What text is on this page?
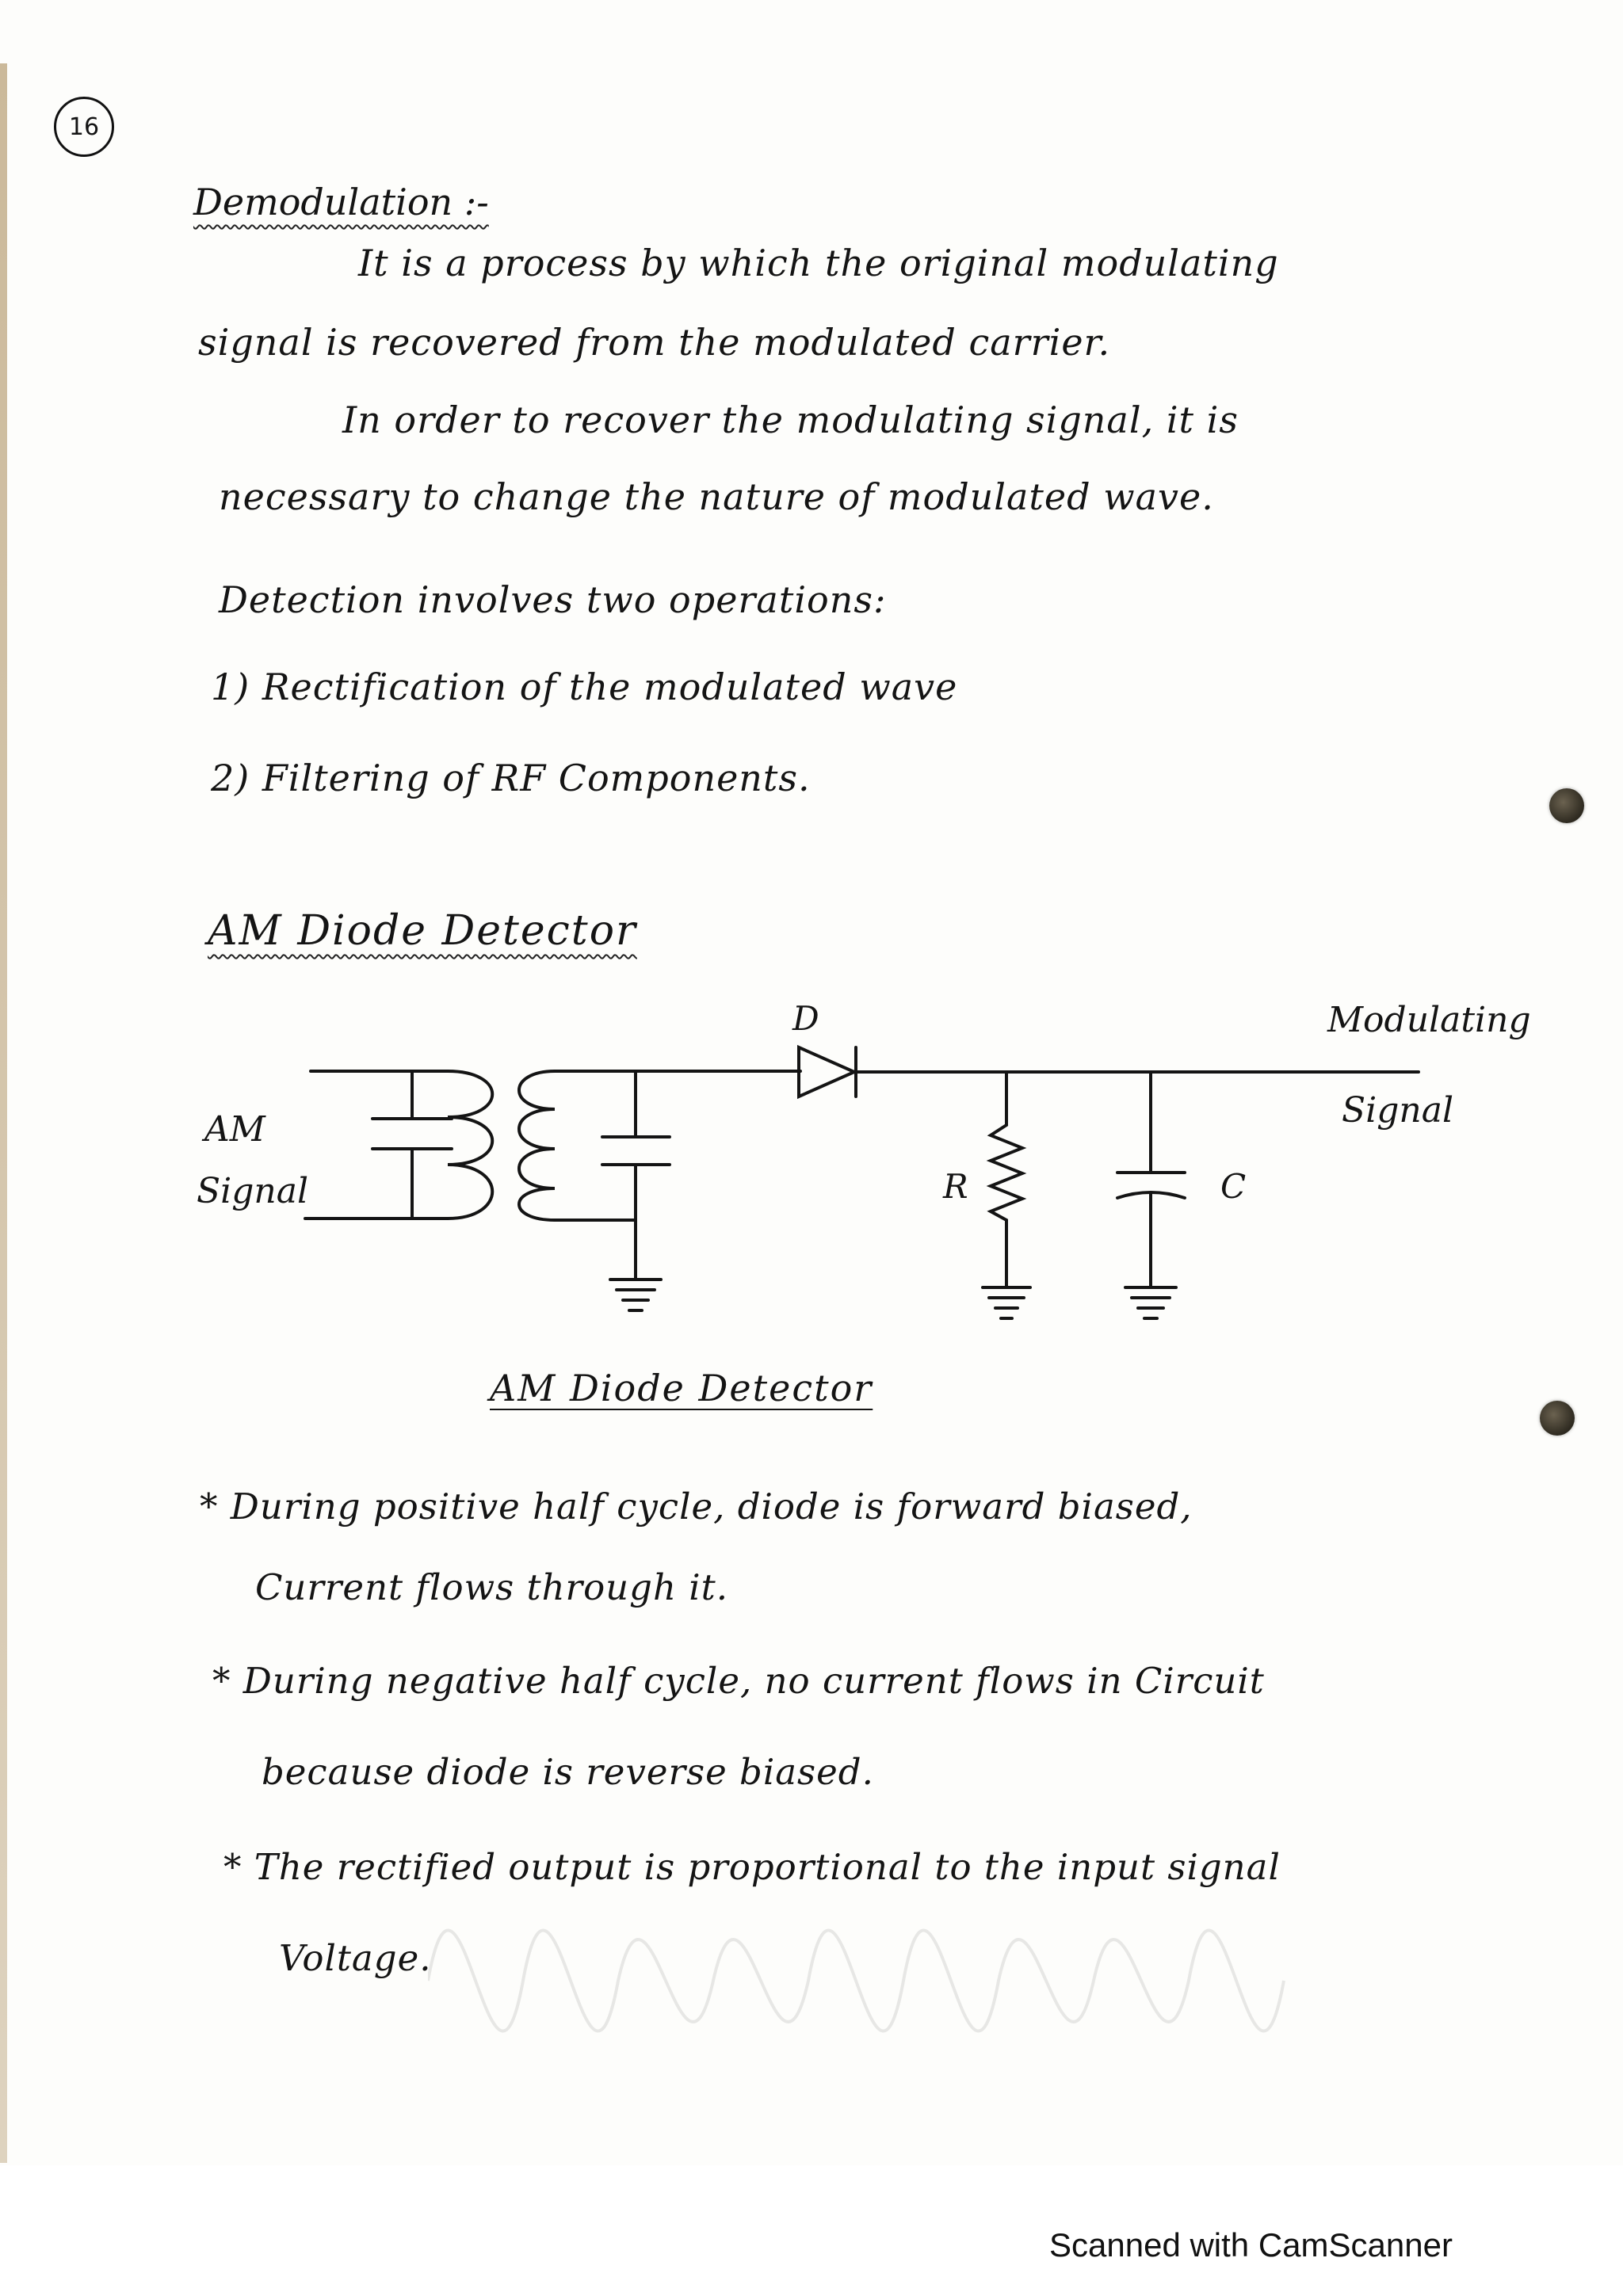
16
Demodulation :-
It is a process by which the original modulating
signal is recovered from the modulated carrier.
In order to recover the modulating signal, it is
necessary to change the nature of modulated wave.
Detection involves two operations:
1) Rectification of the modulated wave
2) Filtering of RF Components.
AM Diode Detector
D
R	C
AM
Signal
Modulating
Signal
AM Diode Detector
* During positive half cycle, diode is forward biased,
Current flows through it.
* During negative half cycle, no current flows in Circuit
because diode is reverse biased.
* The rectified output is proportional to the input signal
Voltage.
Scanned with CamScanner
